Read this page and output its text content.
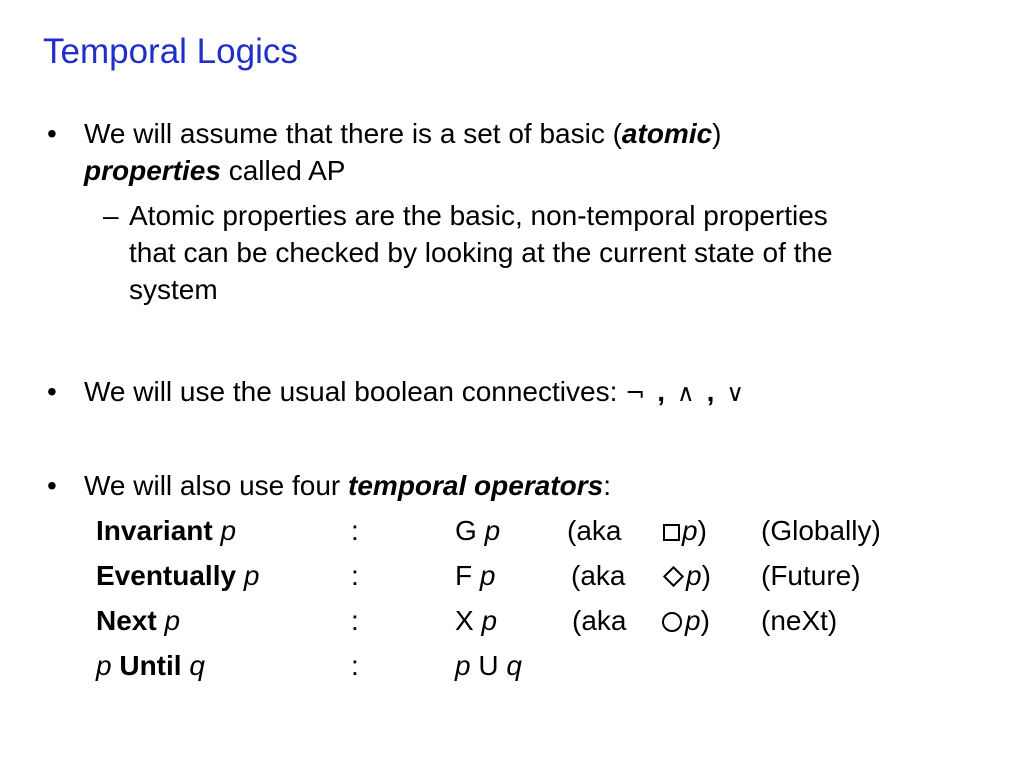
Temporal Logics
• We will assume that there is a set of basic (atomic)
properties called AP
– Atomic properties are the basic, non-temporal properties
that can be checked by looking at the current state of the
system
• We will use the usual boolean connectives: ¬ , ∧ , ∨
• We will also use four temporal operators:
Invariant p	:	G p (aka	p) (Globally)
Eventually p	:	F p	(aka	p) (Future)
Next p	:	X p	(aka	p) (neXt)
p Until q	:	p U q
